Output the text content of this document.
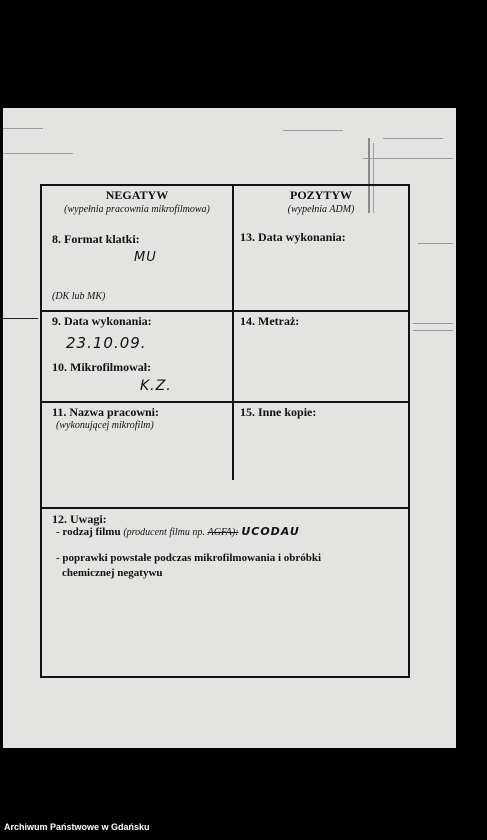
NEGATYW
(wypełnia pracownia mikrofilmowa)
POZYTYW
(wypełnia ADM)
8. Format klatki:
MU
(DK lub MK)
13. Data wykonania:
9. Data wykonania:
23.10.09.
10. Mikrofilmował:
K.Z.
14. Metraż:
11. Nazwa pracowni:
(wykonującej mikrofilm)
15. Inne kopie:
12. Uwagi:
- rodzaj filmu (producent filmu np. AGFA): UCODAU
- poprawki powstałe podczas mikrofilmowania i obróbki
chemicznej negatywu
Archiwum Państwowe w Gdańsku
